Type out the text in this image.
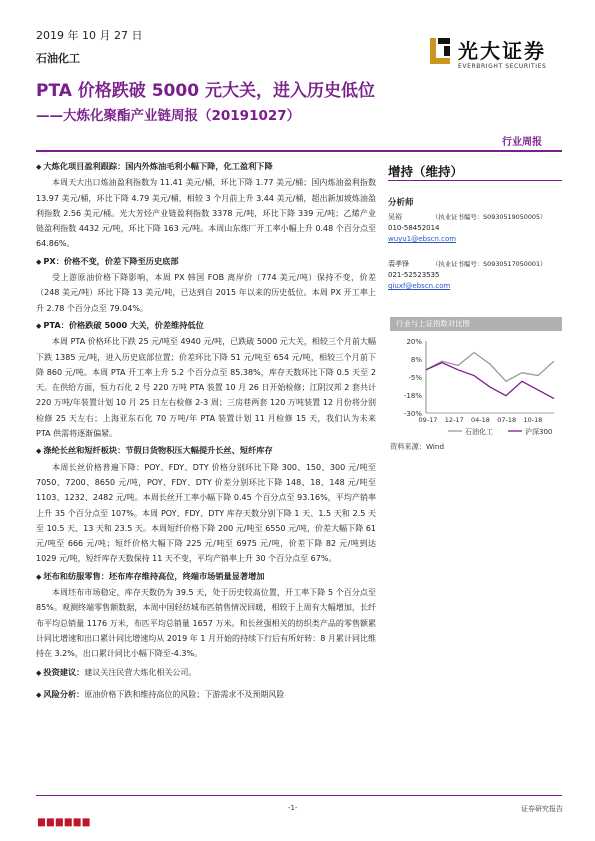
2019 年 10 月 27 日
石油化工	光大证券
EVERBRIGHT SECURITIES
PTA 价格跌破 5000 元大关，进入历史低位
——大炼化聚酯产业链周报（20191027）
行业周报
◆ 大炼化项目盈利跟踪：国内外炼油毛利小幅下降，化工盈利下降

本周天大出口炼油盈利指数为 11.41 美元/桶，环比下降 1.77 美元/桶；国内炼油盈利指数 13.97 美元/桶，环比下降 4.79 美元/桶，相较 3 个月前上升 3.44 美元/桶，超出新加坡炼油盈利指数 2.56 美元/桶。光大芳烃产业链盈利指数 3378 元/吨，环比下降 339 元/吨；乙烯产业链盈利指数 4432 元/吨，环比下降 163 元/吨。本周山东炼厂开工率小幅上升 0.48 个百分点至 64.86%。

◆ PX：价格不变，价差下降至历史底部

受上游原油价格下降影响，本周 PX 韩国 FOB 离岸价（774 美元/吨）保持不变，价差（248 美元/吨）环比下降 13 美元/吨，已达到自 2015 年以来的历史低位。本周 PX 开工率上升 2.78 个百分点至 79.04%。

◆ PTA：价格跌破 5000 大关，价差维持低位

本周 PTA 价格环比下跌 25 元/吨至 4940 元/吨，已跌破 5000 元大关，相较三个月前大幅下跌 1385 元/吨，进入历史底部位置；价差环比下降 51 元/吨至 654 元/吨，相较三个月前下降 860 元/吨。本周 PTA 开工率上升 5.2 个百分点至 85.38%，库存天数环比下降 0.5 天至 2 天。在供给方面，恒力石化 2 号 220 万吨 PTA 装置 10 月 26 日开始检修；江阴汉邦 2 套共计 220 万吨/年装置计划 10 月 25 日左右检修 2-3 周；三房巷两套 120 万吨装置 12 月份将分别检修 25 天左右；上海亚东石化 70 万吨/年 PTA 装置计划 11 月检修 15 天，我们认为未来 PTA 供需将逐渐偏紧。

◆ 涤纶长丝和短纤板块：节假日货物积压大幅提升长丝、短纤库存

本周长丝价格普遍下降：POY、FDY、DTY 价格分别环比下降 300、150、300 元/吨至 7050、7200、8650 元/吨，POY、FDY、DTY 价差分别环比下降 148、18、148 元/吨至 1103、1232、2482 元/吨。本周长丝开工率小幅下降 0.45 个百分点至 93.16%，平均产销率上升 35 个百分点至 107%。本周 POY、FDY、DTY 库存天数分别下降 1 天、1.5 天和 2.5 天至 10.5 天、13 天和 23.5 天。本周短纤价格下降 200 元/吨至 6550 元/吨，价差大幅下降 61 元/吨至 666 元/吨；短纤价格大幅下降 225 元/吨至 6975 元/吨，价差下降 82 元/吨到达 1029 元/吨，短纤库存天数保持 11 天不变，平均产销率上升 30 个百分点至 67%。

◆ 坯布和纺服零售：坯布库存维持高位，终端市场销量显著增加

本周坯布市场稳定，库存天数仍为 39.5 天，处于历史较高位置，开工率下降 5 个百分点至 85%。观测终端零售额数据，本周中国轻纺城布匹销售情况回暖，相较于上周有大幅增加，长纤布平均总销量 1176 万米，布匹平均总销量 1657 万米。和长丝强相关的纺织类产品的零售额累计同比增速和出口累计同比增速均从 2019 年 1 月开始的持续下行后有所好转：8 月累计同比维持在 3.2%，出口累计同比小幅下降至-4.3%。

◆ 投资建议：建议关注民营大炼化相关公司。
◆ 风险分析：原油价格下跌和维持高位的风险；下游需求不及预期风险
增持（维持）
分析师
吴裕	（执业证书编号：S0930519050005）
010-58452014
wuyu1@ebscn.com
裘孝锋	（执业证书编号：S0930517050001）
021-52523535
qiuxf@ebscn.com
行业与上证指数对比图
20%
8%
-5%
-18%
-30%
09-17 12-17 04-18 07-18 10-18
石油化工	沪深300
资料来源：Wind
-1-	证券研究报告
▆▆▆▆▆▆
